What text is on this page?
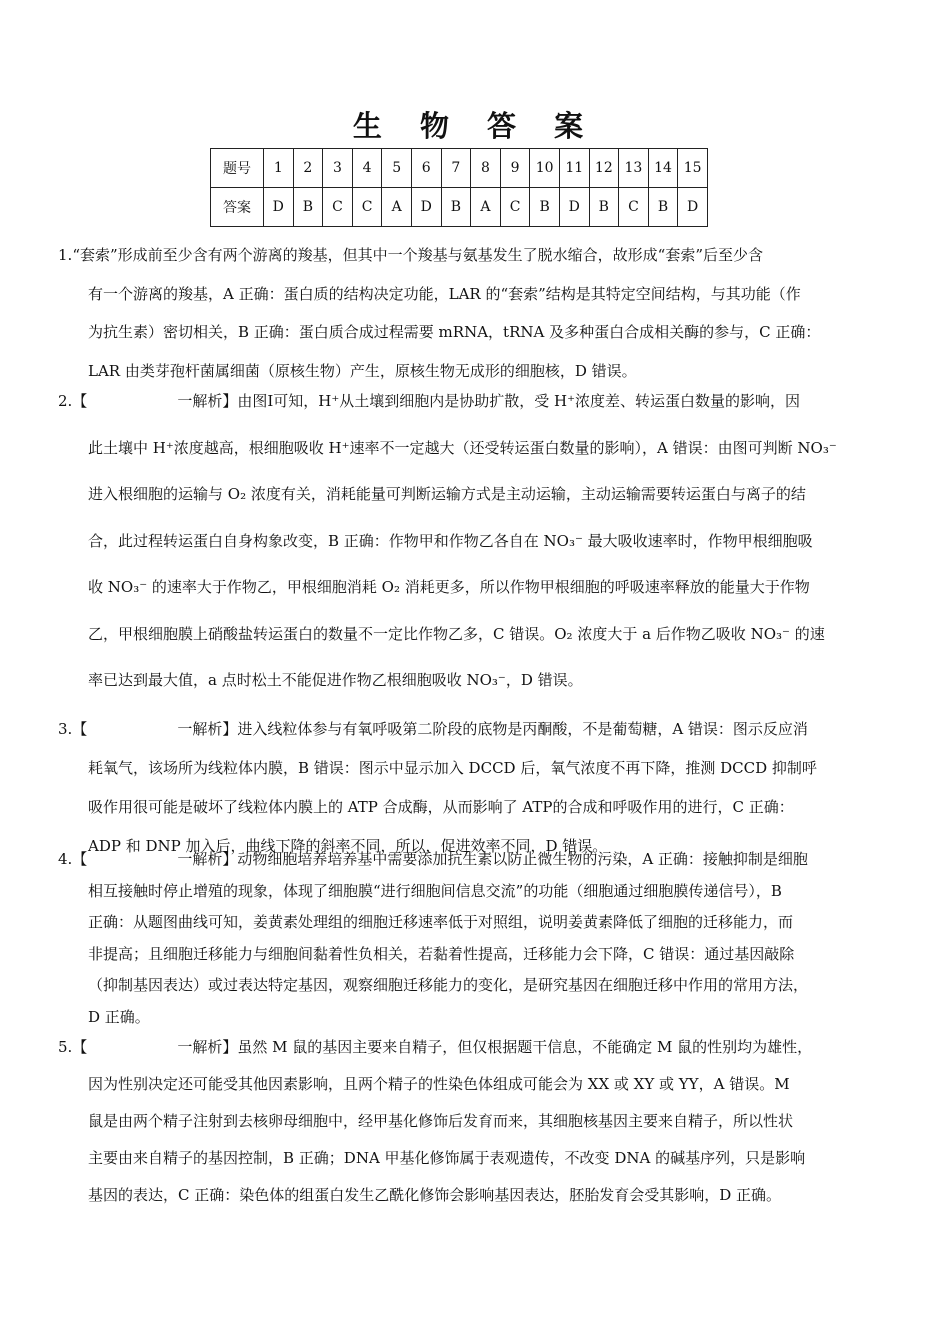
生 物 答 案
题号	1	2	3	4	5	6	7	8	9	10	11	12	13	14	15
答案	D	B	C	C	A	D	B	A	C	B	D	B	C	B	D
1.“套索”形成前至少含有两个游离的羧基，但其中一个羧基与氨基发生了脱水缩合，故形成“套索”后至少含
有一个游离的羧基，A 正确：蛋白质的结构决定功能，LAR 的“套索”结构是其特定空间结构，与其功能（作
为抗生素）密切相关，B 正确：蛋白质合成过程需要 mRNA，tRNA 及多种蛋白合成相关酶的参与，C 正确：
LAR 由类芽孢杆菌属细菌（原核生物）产生，原核生物无成形的细胞核，D 错误。
2.【	一解析】由图Ⅰ可知，H⁺从土壤到细胞内是协助扩散，受 H⁺浓度差、转运蛋白数量的影响，因
此土壤中 H⁺浓度越高，根细胞吸收 H⁺速率不一定越大（还受转运蛋白数量的影响），A 错误：由图可判断 NO₃⁻
进入根细胞的运输与 O₂ 浓度有关，消耗能量可判断运输方式是主动运输，主动运输需要转运蛋白与离子的结
合，此过程转运蛋白自身构象改变，B 正确：作物甲和作物乙各自在 NO₃⁻ 最大吸收速率时，作物甲根细胞吸
收 NO₃⁻ 的速率大于作物乙，甲根细胞消耗 O₂ 消耗更多，所以作物甲根细胞的呼吸速率释放的能量大于作物
乙，甲根细胞膜上硝酸盐转运蛋白的数量不一定比作物乙多，C 错误。O₂ 浓度大于 a 后作物乙吸收 NO₃⁻ 的速
率已达到最大值，a 点时松土不能促进作物乙根细胞吸收 NO₃⁻，D 错误。
3.【	一解析】进入线粒体参与有氧呼吸第二阶段的底物是丙酮酸，不是葡萄糖，A 错误：图示反应消
耗氧气，该场所为线粒体内膜，B 错误：图示中显示加入 DCCD 后，氧气浓度不再下降，推测 DCCD 抑制呼
吸作用很可能是破坏了线粒体内膜上的 ATP 合成酶，从而影响了 ATP的合成和呼吸作用的进行，C 正确：
ADP 和 DNP 加入后，曲线下降的斜率不同，所以，促进效率不同，D 错误。
4.【	一解析】动物细胞培养培养基中需要添加抗生素以防止微生物的污染，A 正确：接触抑制是细胞
相互接触时停止增殖的现象，体现了细胞膜“进行细胞间信息交流”的功能（细胞通过细胞膜传递信号），B
正确：从题图曲线可知，姜黄素处理组的细胞迁移速率低于对照组，说明姜黄素降低了细胞的迁移能力，而
非提高；且细胞迁移能力与细胞间黏着性负相关，若黏着性提高，迁移能力会下降，C 错误：通过基因敲除
（抑制基因表达）或过表达特定基因，观察细胞迁移能力的变化，是研究基因在细胞迁移中作用的常用方法，
D 正确。
5.【	一解析】虽然 M 鼠的基因主要来自精子，但仅根据题干信息，不能确定 M 鼠的性别均为雄性，
因为性别决定还可能受其他因素影响，且两个精子的性染色体组成可能会为 XX 或 XY 或 YY，A 错误。M
鼠是由两个精子注射到去核卵母细胞中，经甲基化修饰后发育而来，其细胞核基因主要来自精子，所以性状
主要由来自精子的基因控制，B 正确；DNA 甲基化修饰属于表观遗传，不改变 DNA 的碱基序列，只是影响
基因的表达，C 正确：染色体的组蛋白发生乙酰化修饰会影响基因表达，胚胎发育会受其影响，D 正确。
